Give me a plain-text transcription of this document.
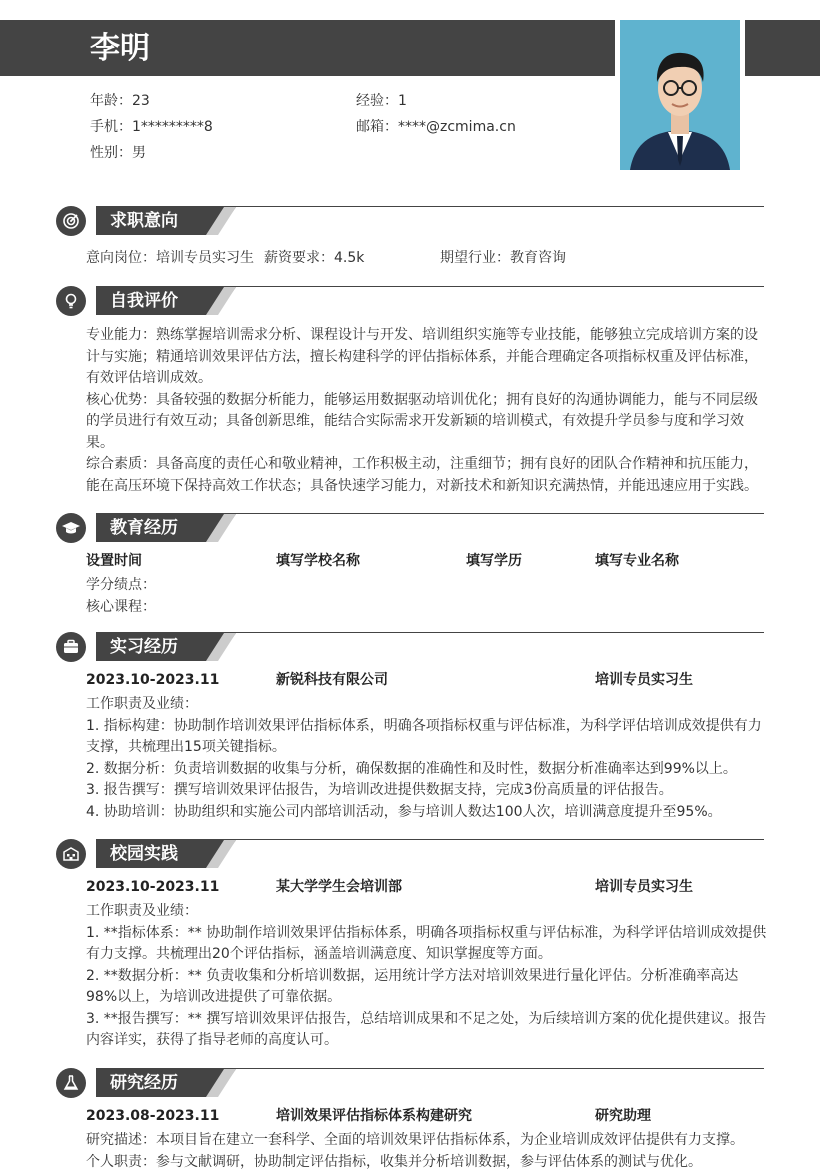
李明
年龄：23	经验：1
手机：1*********8	邮箱：****@zcmima.cn
性别：男
求职意向
意向岗位：培训专员实习生 薪资要求：4.5k	期望行业：教育咨询
自我评价

专业能力：熟练掌握培训需求分析、课程设计与开发、培训组织实施等专业技能，能够独立完成培训方案的设计与实施；精通培训效果评估方法，擅长构建科学的评估指标体系，并能合理确定各项指标权重及评估标准，有效评估培训成效。

核心优势：具备较强的数据分析能力，能够运用数据驱动培训优化；拥有良好的沟通协调能力，能与不同层级的学员进行有效互动；具备创新思维，能结合实际需求开发新颖的培训模式，有效提升学员参与度和学习效果。

综合素质：具备高度的责任心和敬业精神，工作积极主动，注重细节；拥有良好的团队合作精神和抗压能力，能在高压环境下保持高效工作状态；具备快速学习能力，对新技术和新知识充满热情，并能迅速应用于实践。

教育经历
设置时间	填写学校名称	填写学历	填写专业名称
学分绩点：
核心课程：
实习经历
2023.10-2023.11	新锐科技有限公司	培训专员实习生

工作职责及业绩：

1. 指标构建：协助制作培训效果评估指标体系，明确各项指标权重与评估标准，为科学评估培训成效提供有力支撑，共梳理出15项关键指标。

2. 数据分析：负责培训数据的收集与分析，确保数据的准确性和及时性，数据分析准确率达到99%以上。

3. 报告撰写：撰写培训效果评估报告，为培训改进提供数据支持，完成3份高质量的评估报告。

4. 协助培训：协助组织和实施公司内部培训活动，参与培训人数达100人次，培训满意度提升至95%。

校园实践
2023.10-2023.11	某大学学生会培训部	培训专员实习生

工作职责及业绩：

1. **指标体系：** 协助制作培训效果评估指标体系，明确各项指标权重与评估标准，为科学评估培训成效提供有力支撑。共梳理出20个评估指标，涵盖培训满意度、知识掌握度等方面。

2. **数据分析：** 负责收集和分析培训数据，运用统计学方法对培训效果进行量化评估。分析准确率高达98%以上，为培训改进提供了可靠依据。

3. **报告撰写：** 撰写培训效果评估报告，总结培训成果和不足之处，为后续培训方案的优化提供建议。报告内容详实，获得了指导老师的高度认可。

研究经历
2023.08-2023.11	培训效果评估指标体系构建研究	研究助理
研究描述：本项目旨在建立一套科学、全面的培训效果评估指标体系，为企业培训成效评估提供有力支撑。
个人职责：参与文献调研，协助制定评估指标，收集并分析培训数据，参与评估体系的测试与优化。
